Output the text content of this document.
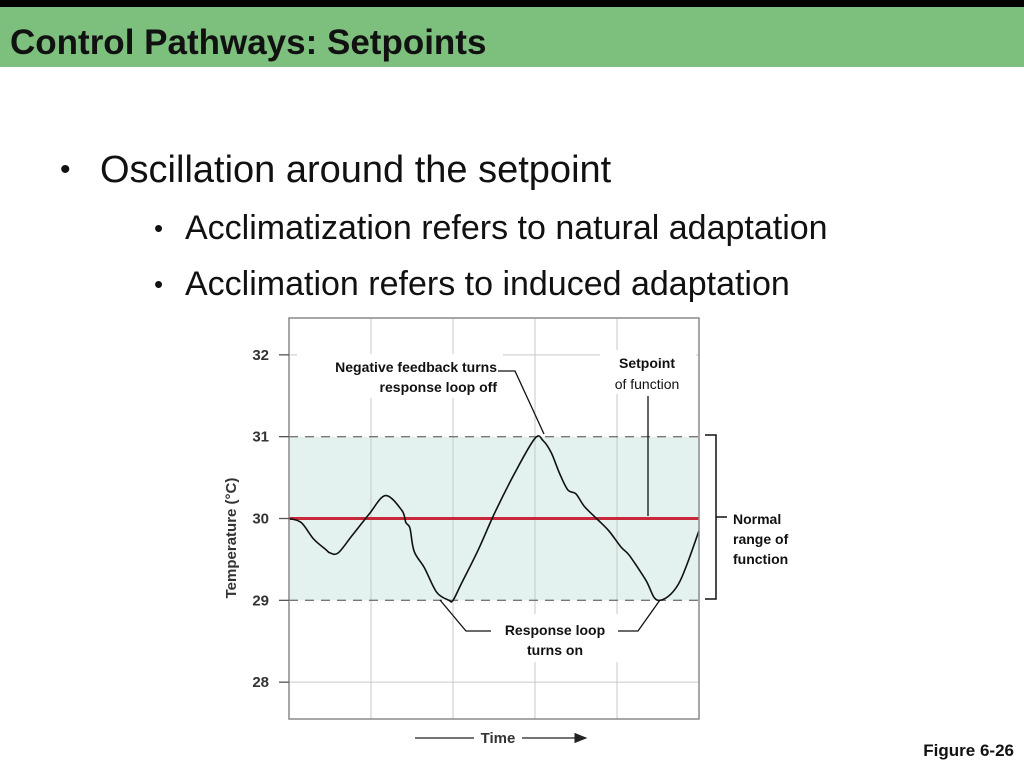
Control Pathways: Setpoints
• Oscillation around the setpoint
• Acclimatization refers to natural adaptation
• Acclimation refers to induced adaptation
28
29
30
31
32
Temperature (°C)
Time
Negative feedback turns
response loop off
Setpoint
of function
Normal
range of
function
Response loop
turns on
Figure 6-26
